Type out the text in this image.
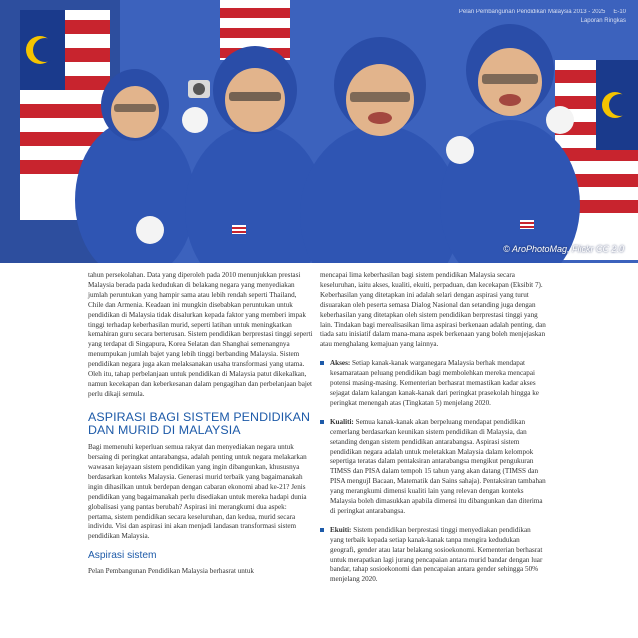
Pelan Pembangunan Pendidikan Malaysia 2013 - 2025 E-10
Laporan Ringkas
© AroPhotoMag, Flickr CC 2.0

tahun persekolahan. Data yang diperoleh pada 2010 menunjukkan prestasi Malaysia berada pada kedudukan di belakang negara yang menyediakan jumlah peruntukan yang hampir sama atau lebih rendah seperti Thailand, Chile dan Armenia. Keadaan ini mungkin disebabkan peruntukan untuk pendidikan di Malaysia tidak disalurkan kepada faktor yang memberi impak tinggi terhadap keberhasilan murid, seperti latihan untuk meningkatkan kemahiran guru secara berterusan. Sistem pendidikan berprestasi tinggi seperti yang terdapat di Singapura, Korea Selatan dan Shanghai semenangnya menumpukan jumlah bajet yang lebih tinggi berbanding Malaysia. Sistem pendidikan negara juga akan melaksanakan usaha transformasi yang utama. Oleh itu, tahap perbelanjaan untuk pendidikan di Malaysia patut dikekalkan, namun kecekapan dan keberkesanan dalam pengagihan dan perbelanjaan bajet perlu dikaji semula.

ASPIRASI BAGI SISTEM PENDIDIKAN DAN MURID DI MALAYSIA

Bagi memenuhi keperluan semua rakyat dan menyediakan negara untuk bersaing di peringkat antarabangsa, adalah penting untuk negara melakarkan wawasan kejayaan sistem pendidikan yang ingin dibangunkan, khususnya berdasarkan konteks Malaysia. Generasi murid terbaik yang bagaimanakah ingin dihasilkan untuk berdepan dengan cabaran ekonomi abad ke-21? Jenis pendidikan yang bagaimanakah perlu disediakan untuk mereka hadapi dunia globalisasi yang pantas berubah? Aspirasi ini merangkumi dua aspek: pertama, sistem pendidikan secara keseluruhan, dan kedua, murid secara individu. Visi dan aspirasi ini akan menjadi landasan transformasi sistem pendidikan Malaysia.

Aspirasi sistem

Pelan Pembangunan Pendidikan Malaysia berhasrat untuk

mencapai lima keberhasilan bagi sistem pendidikan Malaysia secara keseluruhan, iaitu akses, kualiti, ekuiti, perpaduan, dan kecekapan (Eksibit 7). Keberhasilan yang ditetapkan ini adalah selari dengan aspirasi yang turut disuarakan oleh peserta semasa Dialog Nasional dan setanding juga dengan keberhasilan yang ditetapkan oleh sistem pendidikan berprestasi tinggi yang lain. Tindakan bagi merealisasikan lima aspirasi berkenaan adalah penting, dan tiada satu inisiatif dalam mana-mana aspek berkenaan yang boleh menjejaskan atau menghalang kemajuan yang lainnya.

Akses: Setiap kanak-kanak warganegara Malaysia berhak mendapat kesamarataan peluang pendidikan bagi membolehkan mereka mencapai potensi masing-masing. Kementerian berhasrat memastikan kadar akses sejagat dalam kalangan kanak-kanak dari peringkat prasekolah hingga ke peringkat menengah atas (Tingkatan 5) menjelang 2020.
Kualiti: Semua kanak-kanak akan berpeluang mendapat pendidikan cemerlang berdasarkan keunikan sistem pendidikan di Malaysia, dan setanding dengan sistem pendidikan antarabangsa. Aspirasi sistem pendidikan negara adalah untuk meletakkan Malaysia dalam kelompok sepertiga teratas dalam pentaksiran antarabangsa mengikut pengukuran TIMSS dan PISA dalam tempoh 15 tahun yang akan datang (TIMSS dan PISA mengujI Bacaan, Matematik dan Sains sahaja). Pentaksiran tambahan yang merangkumi dimensi kualiti lain yang relevan dengan konteks Malaysia boleh dimasukkan apabila dimensi itu dibangunkan dan diterima di peringkat antarabangsa.
Ekuiti: Sistem pendidikan berprestasi tinggi menyediakan pendidikan yang terbaik kepada setiap kanak-kanak tanpa mengira kedudukan geografi, gender atau latar belakang sosioekonomi. Kementerian berhasrat untuk merapatkan lagi jurang pencapaian antara murid bandar dengan luar bandar, tahap sosioekonomi dan pencapaian antara gender sehingga 50% menjelang 2020.
